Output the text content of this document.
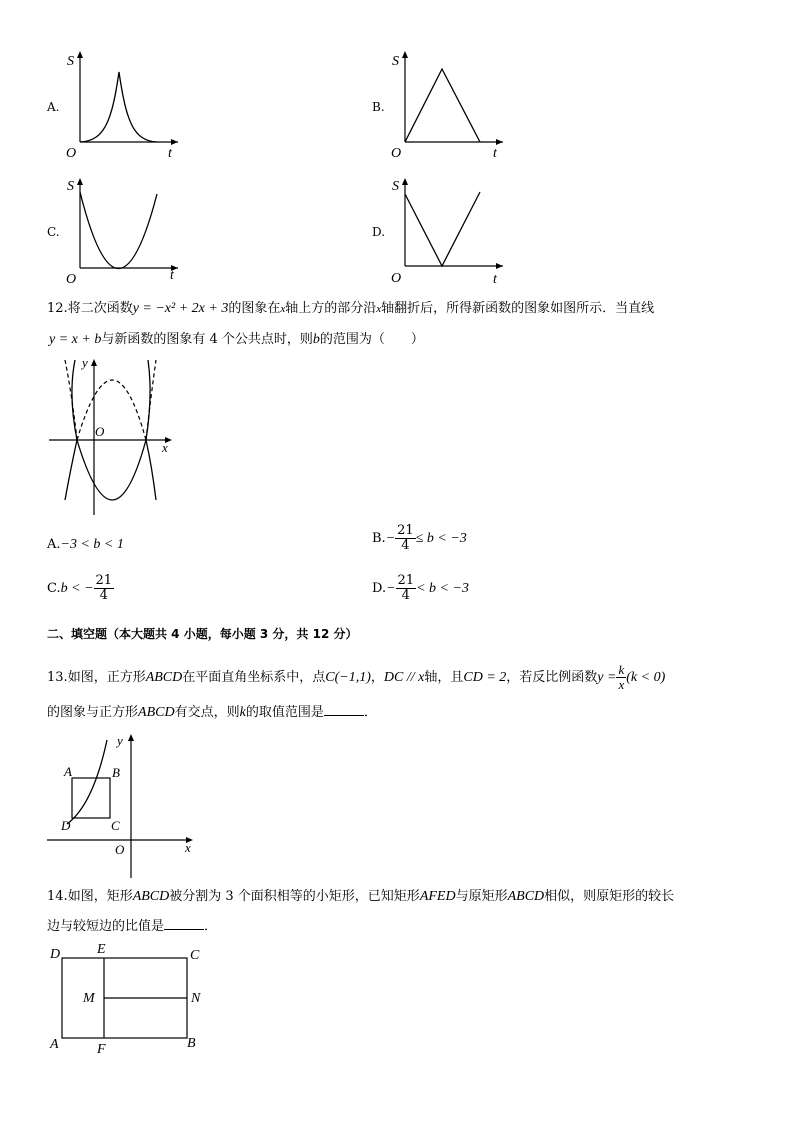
A.
S
O	t
B.
S
O	t
C.
S
O	t
D.
S
O	t
12.将二次函数y = −x² + 2x + 3的图象在x轴上方的部分沿x轴翻折后，所得新函数的图象如图所示．当直线
y = x + b与新函数的图象有 4 个公共点时，则b的范围为（　　）
y
O
x
A.−3 < b < 1	$B.- \frac{21}{4} \le b < -3$
C.b < − $\frac{21}{4}$	$D.- \frac{21}{4} < b < -3$
二、填空题（本大题共 4 小题，每小题 3 分，共 12 分）
13.如图，正方形ABCD在平面直角坐标系中，点C(−1,1)，DC // x轴，且CD = 2，若反比例函数$y = \frac{k}{x} (k < 0)$
的图象与正方形ABCD有交点，则k的取值范围是	．
y
A	B
D	C
O	x
14.如图，矩形ABCD被分割为 3 个面积相等的小矩形，已知矩形AFED与原矩形ABCD相似，则原矩形的较长
边与较短边的比值是	．
D	E	C
M	N
A	F	B
